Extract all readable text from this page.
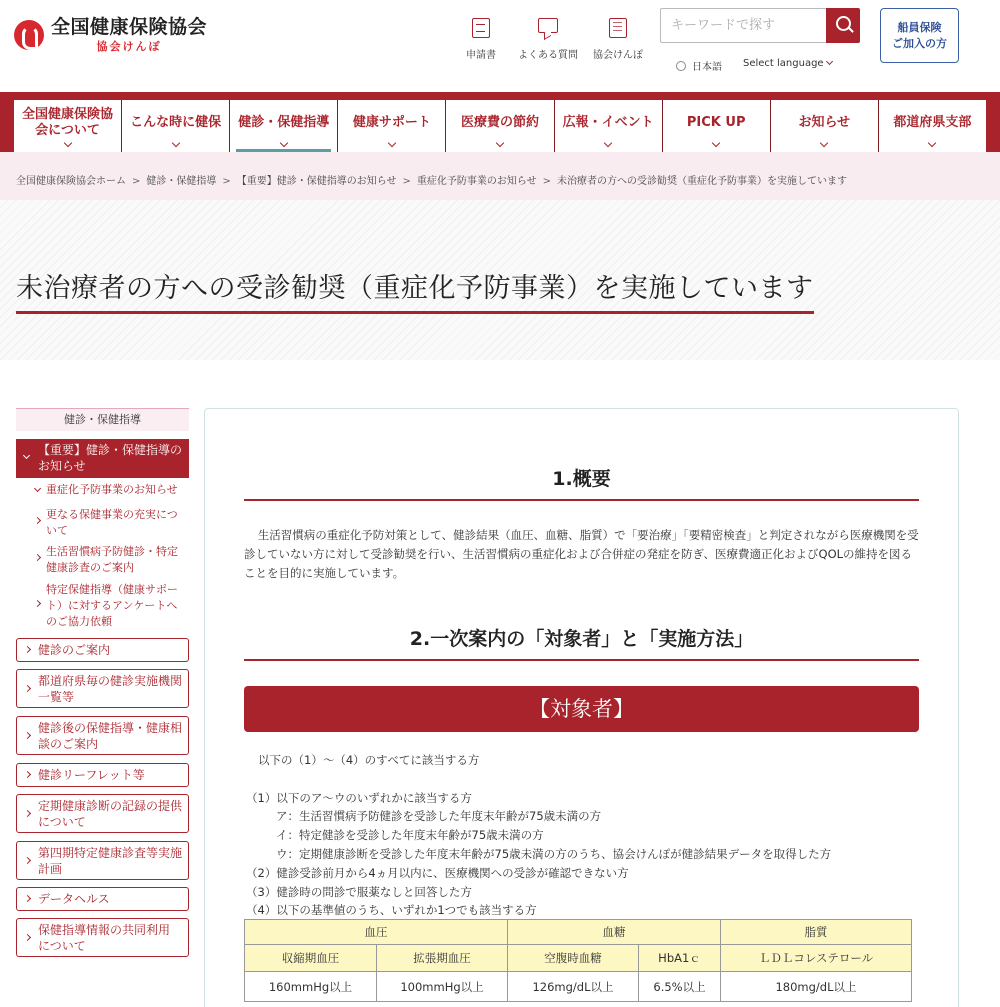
全国健康保険協会
協会けんぽ
申請書	よくある質問	協会けんぽ
キーワードで探す
日本語 Select language
船員保険
ご加入の方
全国健康保険協会について
こんな時に健保 健診・保健指導 健康サポート 医療費の節約 広報・イベント	PICK UP	お知らせ	都道府県支部
全国健康保険協会ホーム > 健診・保健指導 > 【重要】健診・保健指導のお知らせ > 重症化予防事業のお知らせ > 未治療者の方への受診勧奨（重症化予防事業）を実施しています
未治療者の方への受診勧奨（重症化予防事業）を実施しています
健診・保健指導
【重要】健診・保健指導のお知らせ
重症化予防事業のお知らせ
更なる保健事業の充実について
生活習慣病予防健診・特定健康診査のご案内
特定保健指導（健康サポート）に対するアンケートへのご協力依頼
健診のご案内
都道府県毎の健診実施機関一覧等
健診後の保健指導・健康相談のご案内
健診リーフレット等
定期健康診断の記録の提供について
第四期特定健康診査等実施計画
データヘルス
保健指導情報の共同利用について
1.概要

生活習慣病の重症化予防対策として、健診結果（血圧、血糖、脂質）で「要治療」「要精密検査」と判定されながら医療機関を受診していない方に対して受診勧奨を行い、生活習慣病の重症化および合併症の発症を防ぎ、医療費適正化およびQOLの維持を図ることを目的に実施しています。

2.一次案内の「対象者」と「実施方法」
【対象者】
以下の（1）～（4）のすべてに該当する方
（1）以下のア～ウのいずれかに該当する方
ア：生活習慣病予防健診を受診した年度末年齢が75歳未満の方
イ：特定健診を受診した年度末年齢が75歳未満の方
ウ：定期健康診断を受診した年度末年齢が75歳未満の方のうち、協会けんぽが健診結果データを取得した方
（2）健診受診前月から4ヵ月以内に、医療機関への受診が確認できない方
（3）健診時の問診で服薬なしと回答した方
（4）以下の基準値のうち、いずれか1つでも該当する方
血圧		血糖		脂質
収縮期血圧	拡張期血圧	空腹時血糖	HbA1ｃ	ＬＤＬコレステロール
160mmHg以上	100mmHg以上	126mg/dL以上	6.5%以上	180mg/dL以上
